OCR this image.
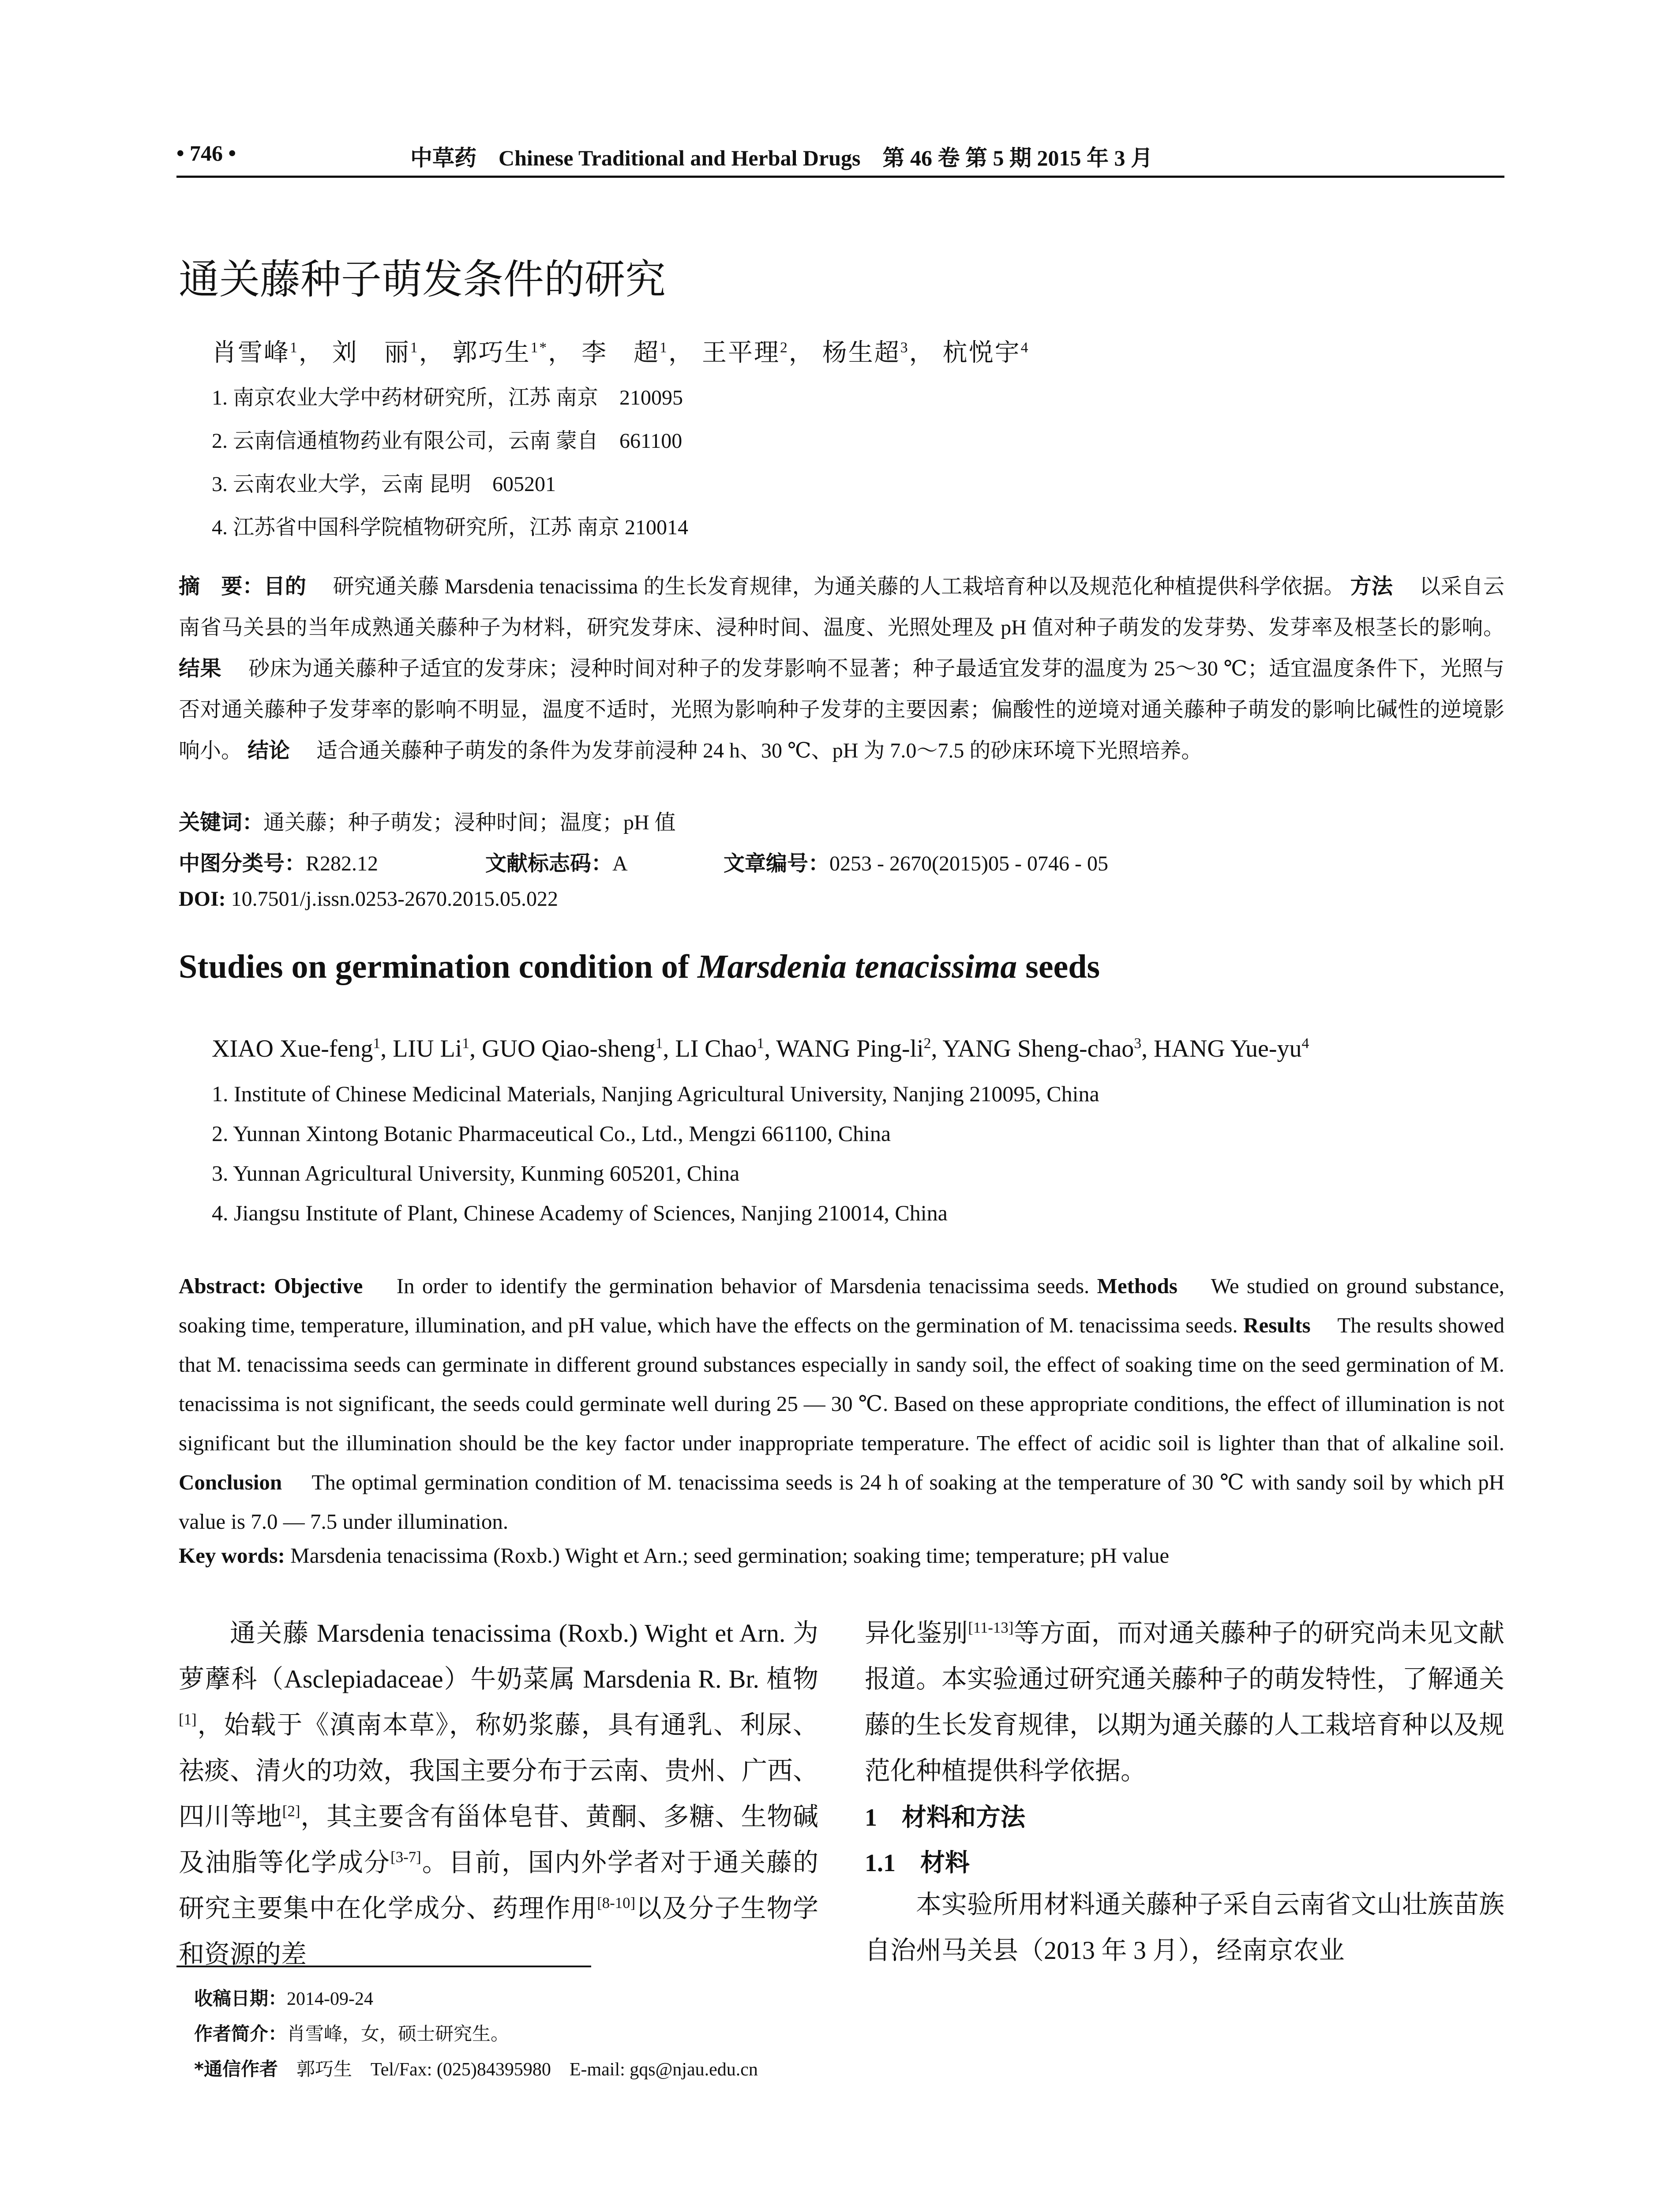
• 746 •	中草药　Chinese Traditional and Herbal Drugs　第 46 卷 第 5 期 2015 年 3 月
通关藤种子萌发条件的研究
肖雪峰$^1$， 刘　丽$^1$， 郭巧生$^{1*}$， 李　超$^1$， 王平理$^2$， 杨生超$^3$， 杭悦宇$^4$
1. 南京农业大学中药材研究所，江苏 南京　210095
2. 云南信通植物药业有限公司，云南 蒙自　661100
3. 云南农业大学，云南 昆明　605201
4. 江苏省中国科学院植物研究所，江苏 南京 210014
摘　要：目的　 研究通关藤 Marsdenia tenacissima 的生长发育规律，为通关藤的人工栽培育种以及规范化种植提供科学依据。 方法　 以采自云南省马关县的当年成熟通关藤种子为材料，研究发芽床、浸种时间、温度、光照处理及 pH 值对种子萌发的发芽势、发芽率及根茎长的影响。 结果　 砂床为通关藤种子适宜的发芽床；浸种时间对种子的发芽影响不显著；种子最适宜发芽的温度为 25～30 ℃；适宜温度条件下，光照与否对通关藤种子发芽率的影响不明显，温度不适时，光照为影响种子发芽的主要因素；偏酸性的逆境对通关藤种子萌发的影响比碱性的逆境影响小。 结论　 适合通关藤种子萌发的条件为发芽前浸种 24 h、30 ℃、pH 为 7.0～7.5 的砂床环境下光照培养。
关键词：通关藤；种子萌发；浸种时间；温度；pH 值
中图分类号：R282.12	文献标志码：A	文章编号：0253 - 2670(2015)05 - 0746 - 05
DOI: 10.7501/j.issn.0253-2670.2015.05.022
Studies on germination condition of Marsdenia tenacissima seeds
XIAO Xue-feng$^1$, LIU Li$^1$, GUO Qiao-sheng$^1$, LI Chao$^1$, WANG Ping-$li^2$, YANG Sheng-chao$^3$, HANG Yue-$yu^4$
1. Institute of Chinese Medicinal Materials, Nanjing Agricultural University, Nanjing 210095, China
2. Yunnan Xintong Botanic Pharmaceutical Co., Ltd., Mengzi 661100, China
3. Yunnan Agricultural University, Kunming 605201, China
4. Jiangsu Institute of Plant, Chinese Academy of Sciences, Nanjing 210014, China
Abstract: Objective　 In order to identify the germination behavior of Marsdenia tenacissima seeds. Methods　 We studied on ground substance, soaking time, temperature, illumination, and pH value, which have the effects on the germination of M. tenacissima seeds. Results　 The results showed that M. tenacissima seeds can germinate in different ground substances especially in sandy soil, the effect of soaking time on the seed germination of M. tenacissima is not significant, the seeds could germinate well during 25 — 30 ℃. Based on these appropriate conditions, the effect of illumination is not significant but the illumination should be the key factor under inappropriate temperature. The effect of acidic soil is lighter than that of alkaline soil. Conclusion　 The optimal germination condition of M. tenacissima seeds is 24 h of soaking at the temperature of 30 ℃ with sandy soil by which pH value is 7.0 — 7.5 under illumination.
Key words: Marsdenia tenacissima (Roxb.) Wight et Arn.; seed germination; soaking time; temperature; pH value
通关藤 Marsdenia tenacissima (Roxb.) Wight et Arn. 为萝藦科（Asclepiadaceae）牛奶菜属 Marsdenia R. Br. 植物[1]，始载于《滇南本草》，称奶浆藤，具有通乳、利尿、祛痰、清火的功效，我国主要分布于云南、贵州、广西、四川等地[2]，其主要含有甾体皂苷、黄酮、多糖、生物碱及油脂等化学成分[3-7]。目前，国内外学者对于通关藤的研究主要集中在化学成分、药理作用[8-10]以及分子生物学和资源的差
异化鉴别[11-13]等方面，而对通关藤种子的研究尚未见文献报道。本实验通过研究通关藤种子的萌发特性，了解通关藤的生长发育规律，以期为通关藤的人工栽培育种以及规范化种植提供科学依据。
1　材料和方法
1.1　材料
本实验所用材料通关藤种子采自云南省文山壮族苗族自治州马关县（2013 年 3 月），经南京农业
收稿日期：2014-09-24
作者简介：肖雪峰，女，硕士研究生。
*通信作者　 郭巧生　Tel/Fax: (025)84395980　E-mail: gqs@njau.edu.cn
